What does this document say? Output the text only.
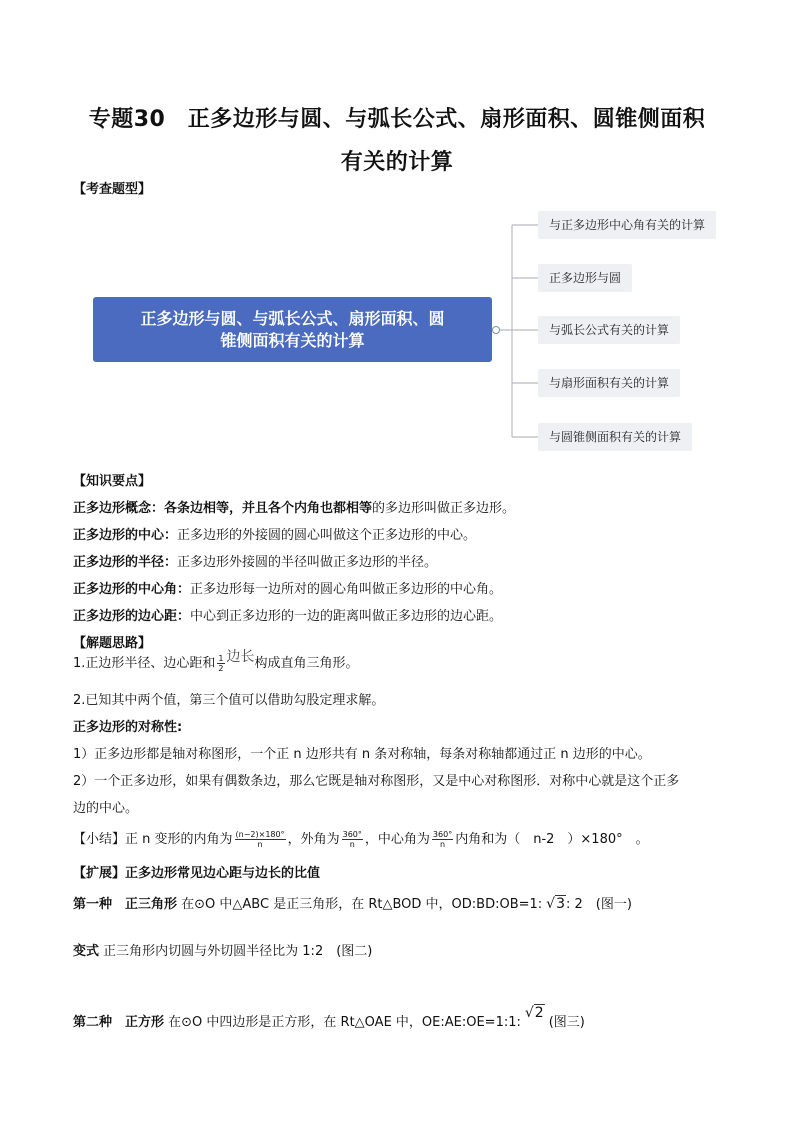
专题30　正多边形与圆、与弧长公式、扇形面积、圆锥侧面积
有关的计算
【考查题型】
正多边形与圆、与弧长公式、扇形面积、圆
锥侧面积有关的计算
与正多边形中心角有关的计算
正多边形与圆
与弧长公式有关的计算
与扇形面积有关的计算
与圆锥侧面积有关的计算
【知识要点】
正多边形概念：各条边相等，并且各个内角也都相等的多边形叫做正多边形。
正多边形的中心：正多边形的外接圆的圆心叫做这个正多边形的中心。
正多边形的半径：正多边形外接圆的半径叫做正多边形的半径。
正多边形的中心角：正多边形每一边所对的圆心角叫做正多边形的中心角。
正多边形的边心距：中心到正多边形的一边的距离叫做正多边形的边心距。
【解题思路】
1.正边形半径、边心距和 $\frac{1}{2}$ 边长构成直角三角形。
2.已知其中两个值，第三个值可以借助勾股定理求解。
正多边形的对称性:
1）正多边形都是轴对称图形，一个正 n 边形共有 n 条对称轴，每条对称轴都通过正 n 边形的中心。
2）一个正多边形，如果有偶数条边，那么它既是轴对称图形，又是中心对称图形．对称中心就是这个正多
边的中心。
【小结】正 n 变形的内角为 $\frac{(n-2)\times 180^\circ}{n}$ ，外角为 $\frac{360^\circ}{n}$ ，中心角为 $\frac{360^\circ}{n}$ 内角和为（　n-2　）×180°　。
【扩展】正多边形常见边心距与边长的比值
第一种　正三角形 在⊙O 中△ABC 是正三角形，在 Rt△BOD 中，OD:BD:OB=1: √3: 2　(图一)
变式 正三角形内切圆与外切圆半径比为 1:2　(图二)
第二种　正方形 在⊙O 中四边形是正方形，在 Rt△OAE 中，OE:AE:OE=1:1:√2(图三)
